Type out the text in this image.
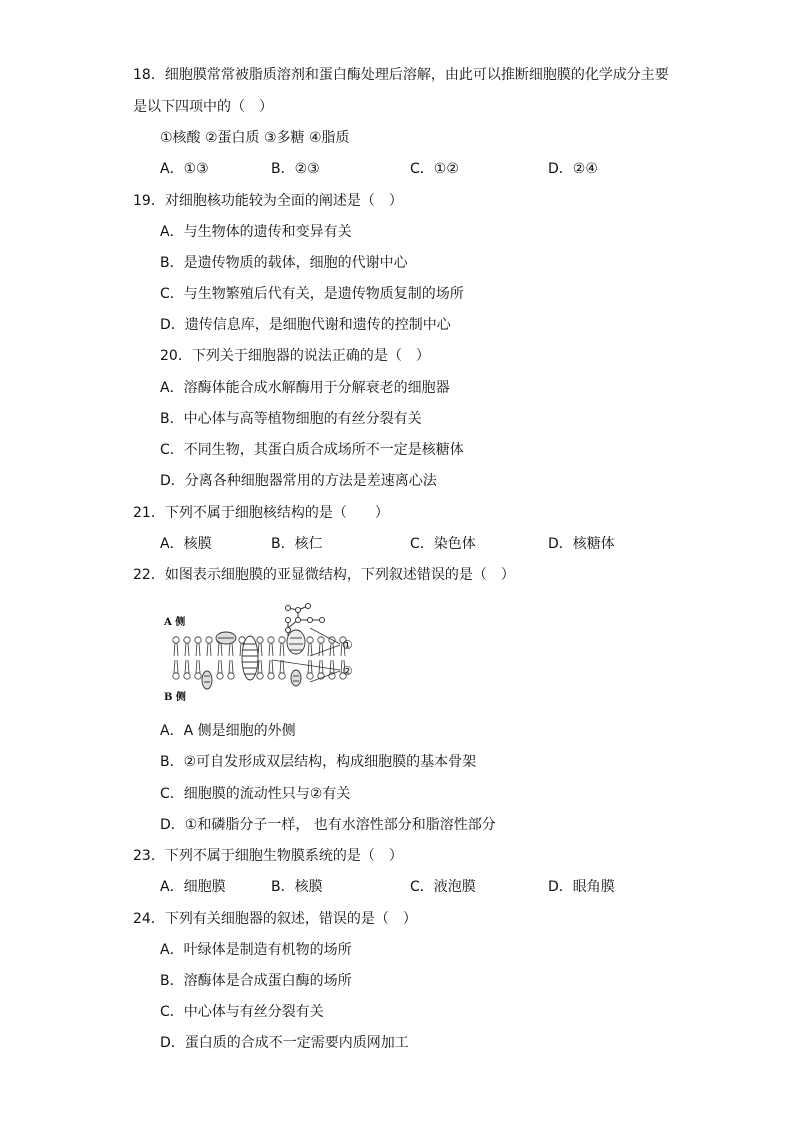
18．细胞膜常常被脂质溶剂和蛋白酶处理后溶解，由此可以推断细胞膜的化学成分主要
是以下四项中的（　）
①核酸 ②蛋白质 ③多糖 ④脂质
A．①③	B．②③	C．①②	D．②④
19．对细胞核功能较为全面的阐述是（　）
A．与生物体的遗传和变异有关
B．是遗传物质的载体，细胞的代谢中心
C．与生物繁殖后代有关，是遗传物质复制的场所
D．遗传信息库，是细胞代谢和遗传的控制中心
20．下列关于细胞器的说法正确的是（　）
A．溶酶体能合成水解酶用于分解衰老的细胞器
B．中心体与高等植物细胞的有丝分裂有关
C．不同生物，其蛋白质合成场所不一定是核糖体
D．分离各种细胞器常用的方法是差速离心法
21．下列不属于细胞核结构的是（　　）
A．核膜	B．核仁	C．染色体	D．核糖体
22．如图表示细胞膜的亚显微结构，下列叙述错误的是（　）
A 侧
B 侧
①
②
A．A 侧是细胞的外侧
B．②可自发形成双层结构，构成细胞膜的基本骨架
C．细胞膜的流动性只与②有关
D．①和磷脂分子一样， 也有水溶性部分和脂溶性部分
23．下列不属于细胞生物膜系统的是（　）
A．细胞膜	B．核膜	C．液泡膜	D．眼角膜
24．下列有关细胞器的叙述，错误的是（　）
A．叶绿体是制造有机物的场所
B．溶酶体是合成蛋白酶的场所
C．中心体与有丝分裂有关
D．蛋白质的合成不一定需要内质网加工
